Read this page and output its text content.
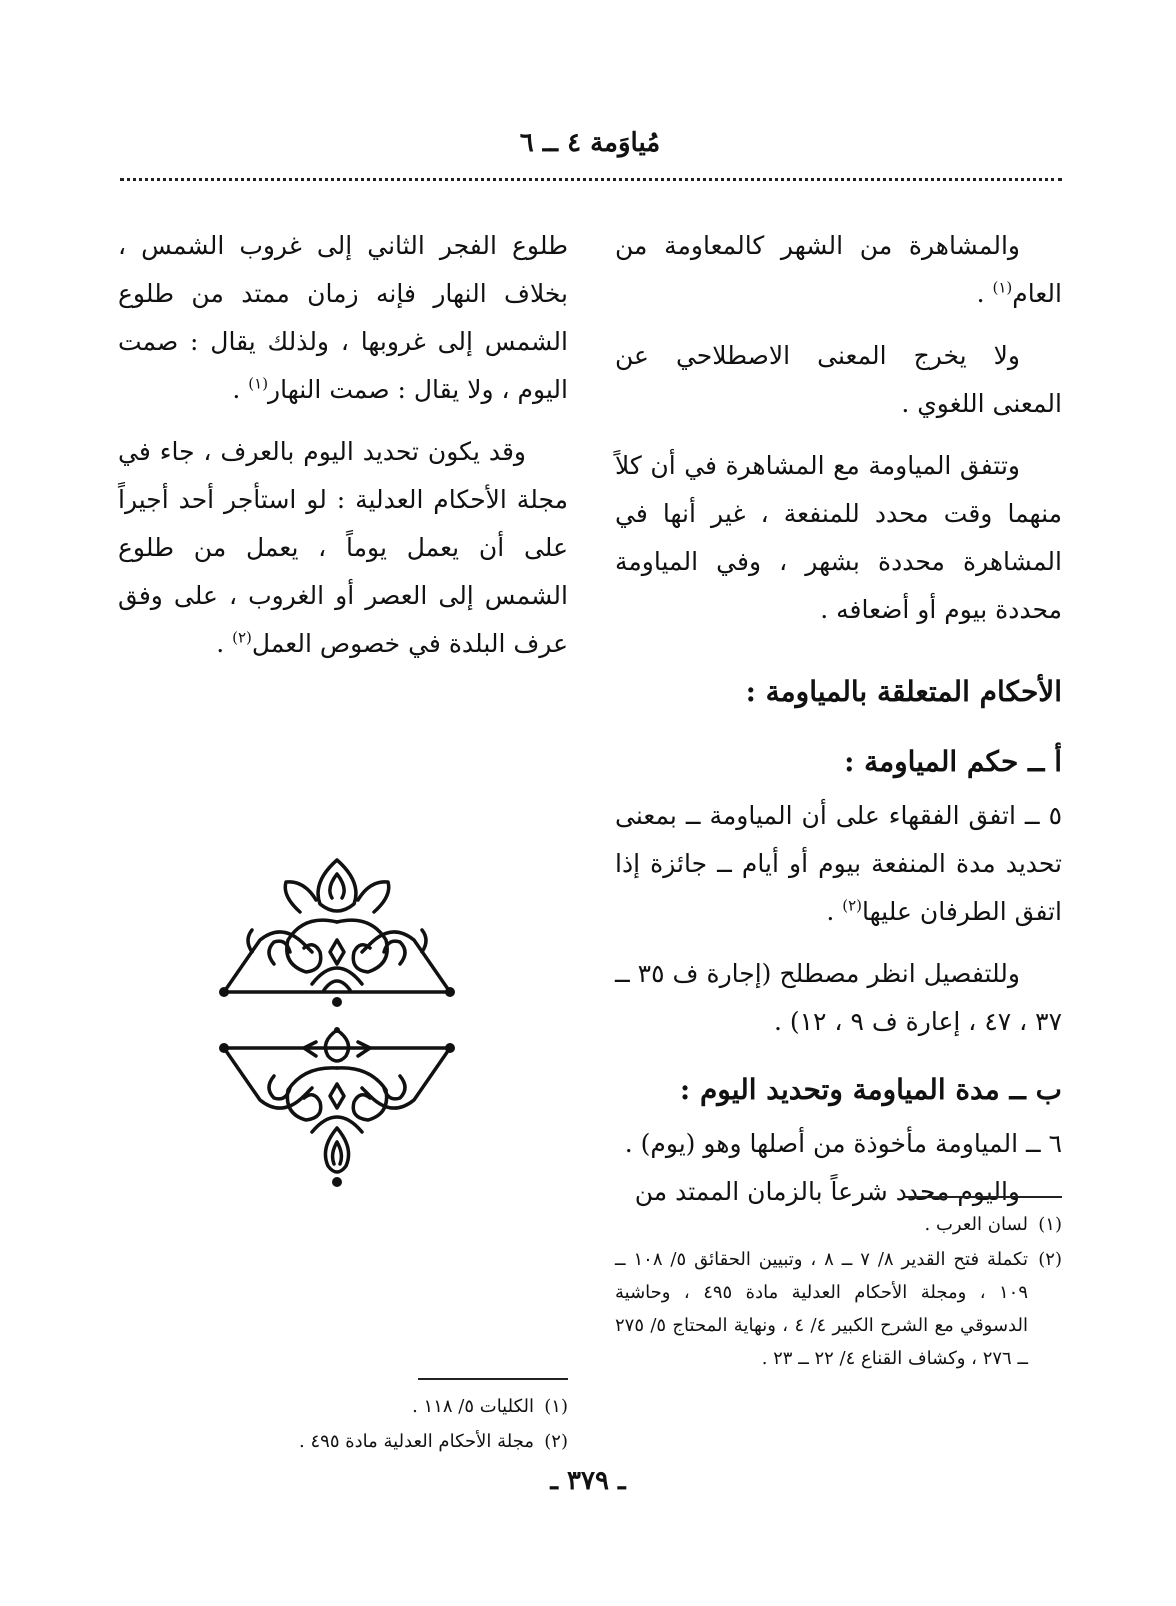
مُياوَمة ٤ ــ ٦

والمشاهرة من الشهر كالمعاومة من العام$^{(١)}$ .

ولا يخرج المعنى الاصطلاحي عن المعنى اللغوي .

وتتفق المياومة مع المشاهرة في أن كلاً منهما وقت محدد للمنفعة ، غير أنها في المشاهرة محددة بشهر ، وفي المياومة محددة بيوم أو أضعافه .

الأحكام المتعلقة بالمياومة :
أ ــ حكم المياومة :

٥ ــ اتفق الفقهاء على أن المياومة ــ بمعنى تحديد مدة المنفعة بيوم أو أيام ــ جائزة إذا اتفق الطرفان عليها$^{(٢)}$ .

وللتفصيل انظر مصطلح (إجارة ف ٣٥ ــ ٣٧ ، ٤٧ ، إعارة ف ٩ ، ١٢) .

ب ــ مدة المياومة وتحديد اليوم :

٦ ــ المياومة مأخوذة من أصلها وهو (يوم) .

واليوم محدد شرعاً بالزمان الممتد من

طلوع الفجر الثاني إلى غروب الشمس ، بخلاف النهار فإنه زمان ممتد من طلوع الشمس إلى غروبها ، ولذلك يقال : صمت اليوم ، ولا يقال : صمت النهار$^{(١)}$ .

وقد يكون تحديد اليوم بالعرف ، جاء في مجلة الأحكام العدلية : لو استأجر أحد أجيراً على أن يعمل يوماً ، يعمل من طلوع الشمس إلى العصر أو الغروب ، على وفق عرف البلدة في خصوص العمل$^{(٢)}$ .

(١)
لسان العرب .
(٢)
تكملة فتح القدير ٨/ ٧ ــ ٨ ، وتبيين الحقائق ٥/ ١٠٨ ــ ١٠٩ ، ومجلة الأحكام العدلية مادة ٤٩٥ ، وحاشية الدسوقي مع الشرح الكبير ٤/ ٤ ، ونهاية المحتاج ٥/ ٢٧٥ ــ ٢٧٦ ، وكشاف القناع ٤/ ٢٢ ــ ٢٣ .
(١)
الكليات ٥/ ١١٨ .
(٢)
مجلة الأحكام العدلية مادة ٤٩٥ .
ـ ٣٧٩ ـ
